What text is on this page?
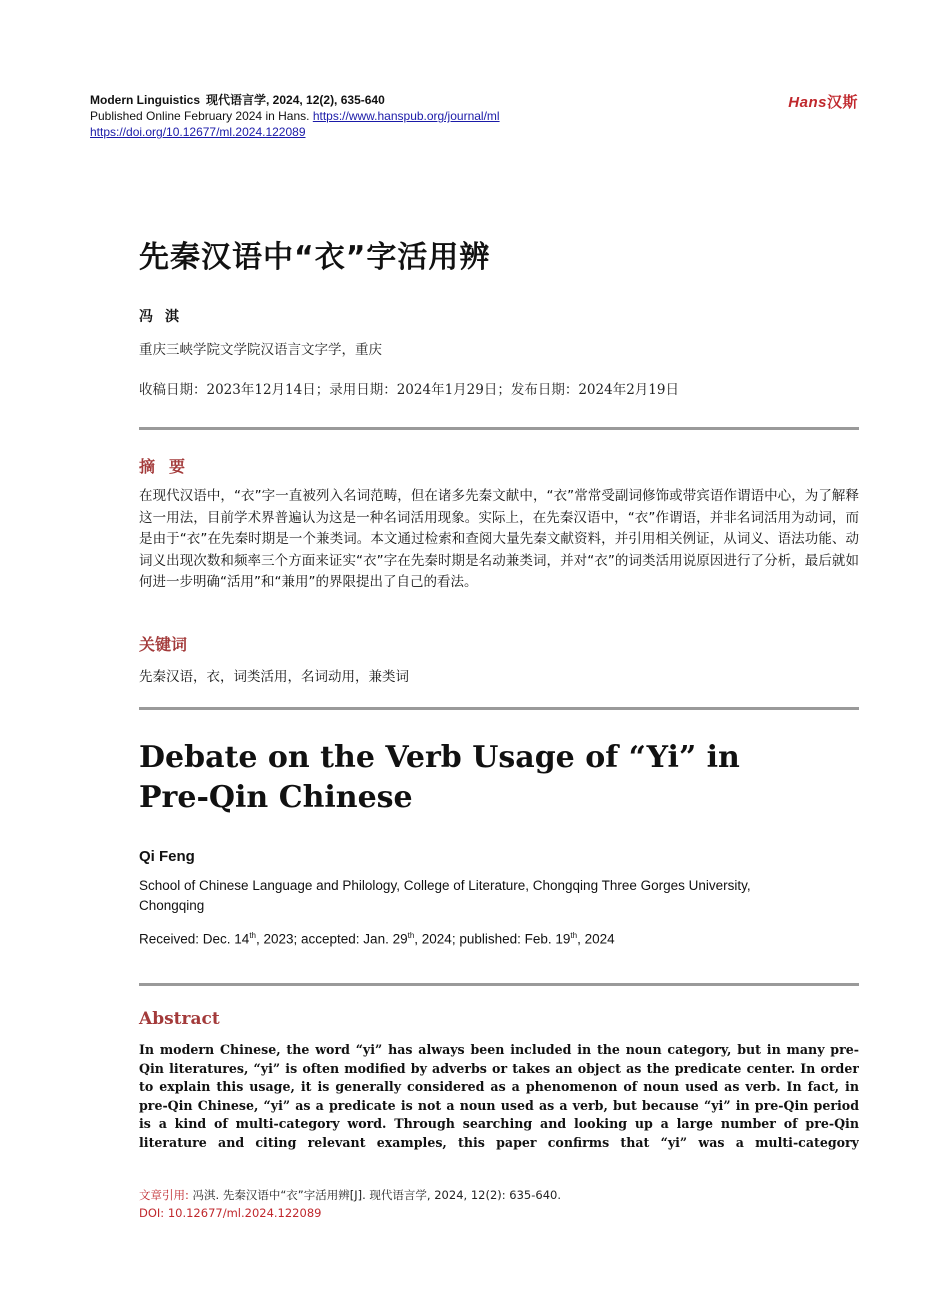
Modern Linguistics 现代语言学, 2024, 12(2), 635-640
Published Online February 2024 in Hans. https://www.hanspub.org/journal/ml
https://doi.org/10.12677/ml.2024.122089
Hans汉斯
先秦汉语中“衣”字活用辨
冯淇
重庆三峡学院文学院汉语言文字学，重庆
收稿日期：2023年12月14日；录用日期：2024年1月29日；发布日期：2024年2月19日
摘要
在现代汉语中，“衣”字一直被列入名词范畴，但在诸多先秦文献中，“衣”常常受副词修饰或带宾语作谓语中心，为了解释这一用法，目前学术界普遍认为这是一种名词活用现象。实际上，在先秦汉语中，“衣”作谓语，并非名词活用为动词，而是由于“衣”在先秦时期是一个兼类词。本文通过检索和查阅大量先秦文献资料，并引用相关例证，从词义、语法功能、动词义出现次数和频率三个方面来证实“衣”字在先秦时期是名动兼类词，并对“衣”的词类活用说原因进行了分析，最后就如何进一步明确“活用”和“兼用”的界限提出了自己的看法。
关键词
先秦汉语，衣，词类活用，名词动用，兼类词
Debate on the Verb Usage of “Yi” in Pre-Qin Chinese
Qi Feng
School of Chinese Language and Philology, College of Literature, Chongqing Three Gorges University, Chongqing
Received: Dec. 14th, 2023; accepted: Jan. 29th, 2024; published: Feb. 19th, 2024
Abstract
In modern Chinese, the word “yi” has always been included in the noun category, but in many pre-Qin literatures, “yi” is often modified by adverbs or takes an object as the predicate center. In order to explain this usage, it is generally considered as a phenomenon of noun used as verb. In fact, in pre-Qin Chinese, “yi” as a predicate is not a noun used as a verb, but because “yi” in pre-Qin period is a kind of multi-category word. Through searching and looking up a large number of pre-Qin literature and citing relevant examples, this paper confirms that “yi” was a multi-category
文章引用: 冯淇. 先秦汉语中“衣”字活用辨[J]. 现代语言学, 2024, 12(2): 635-640.
DOI: 10.12677/ml.2024.122089
